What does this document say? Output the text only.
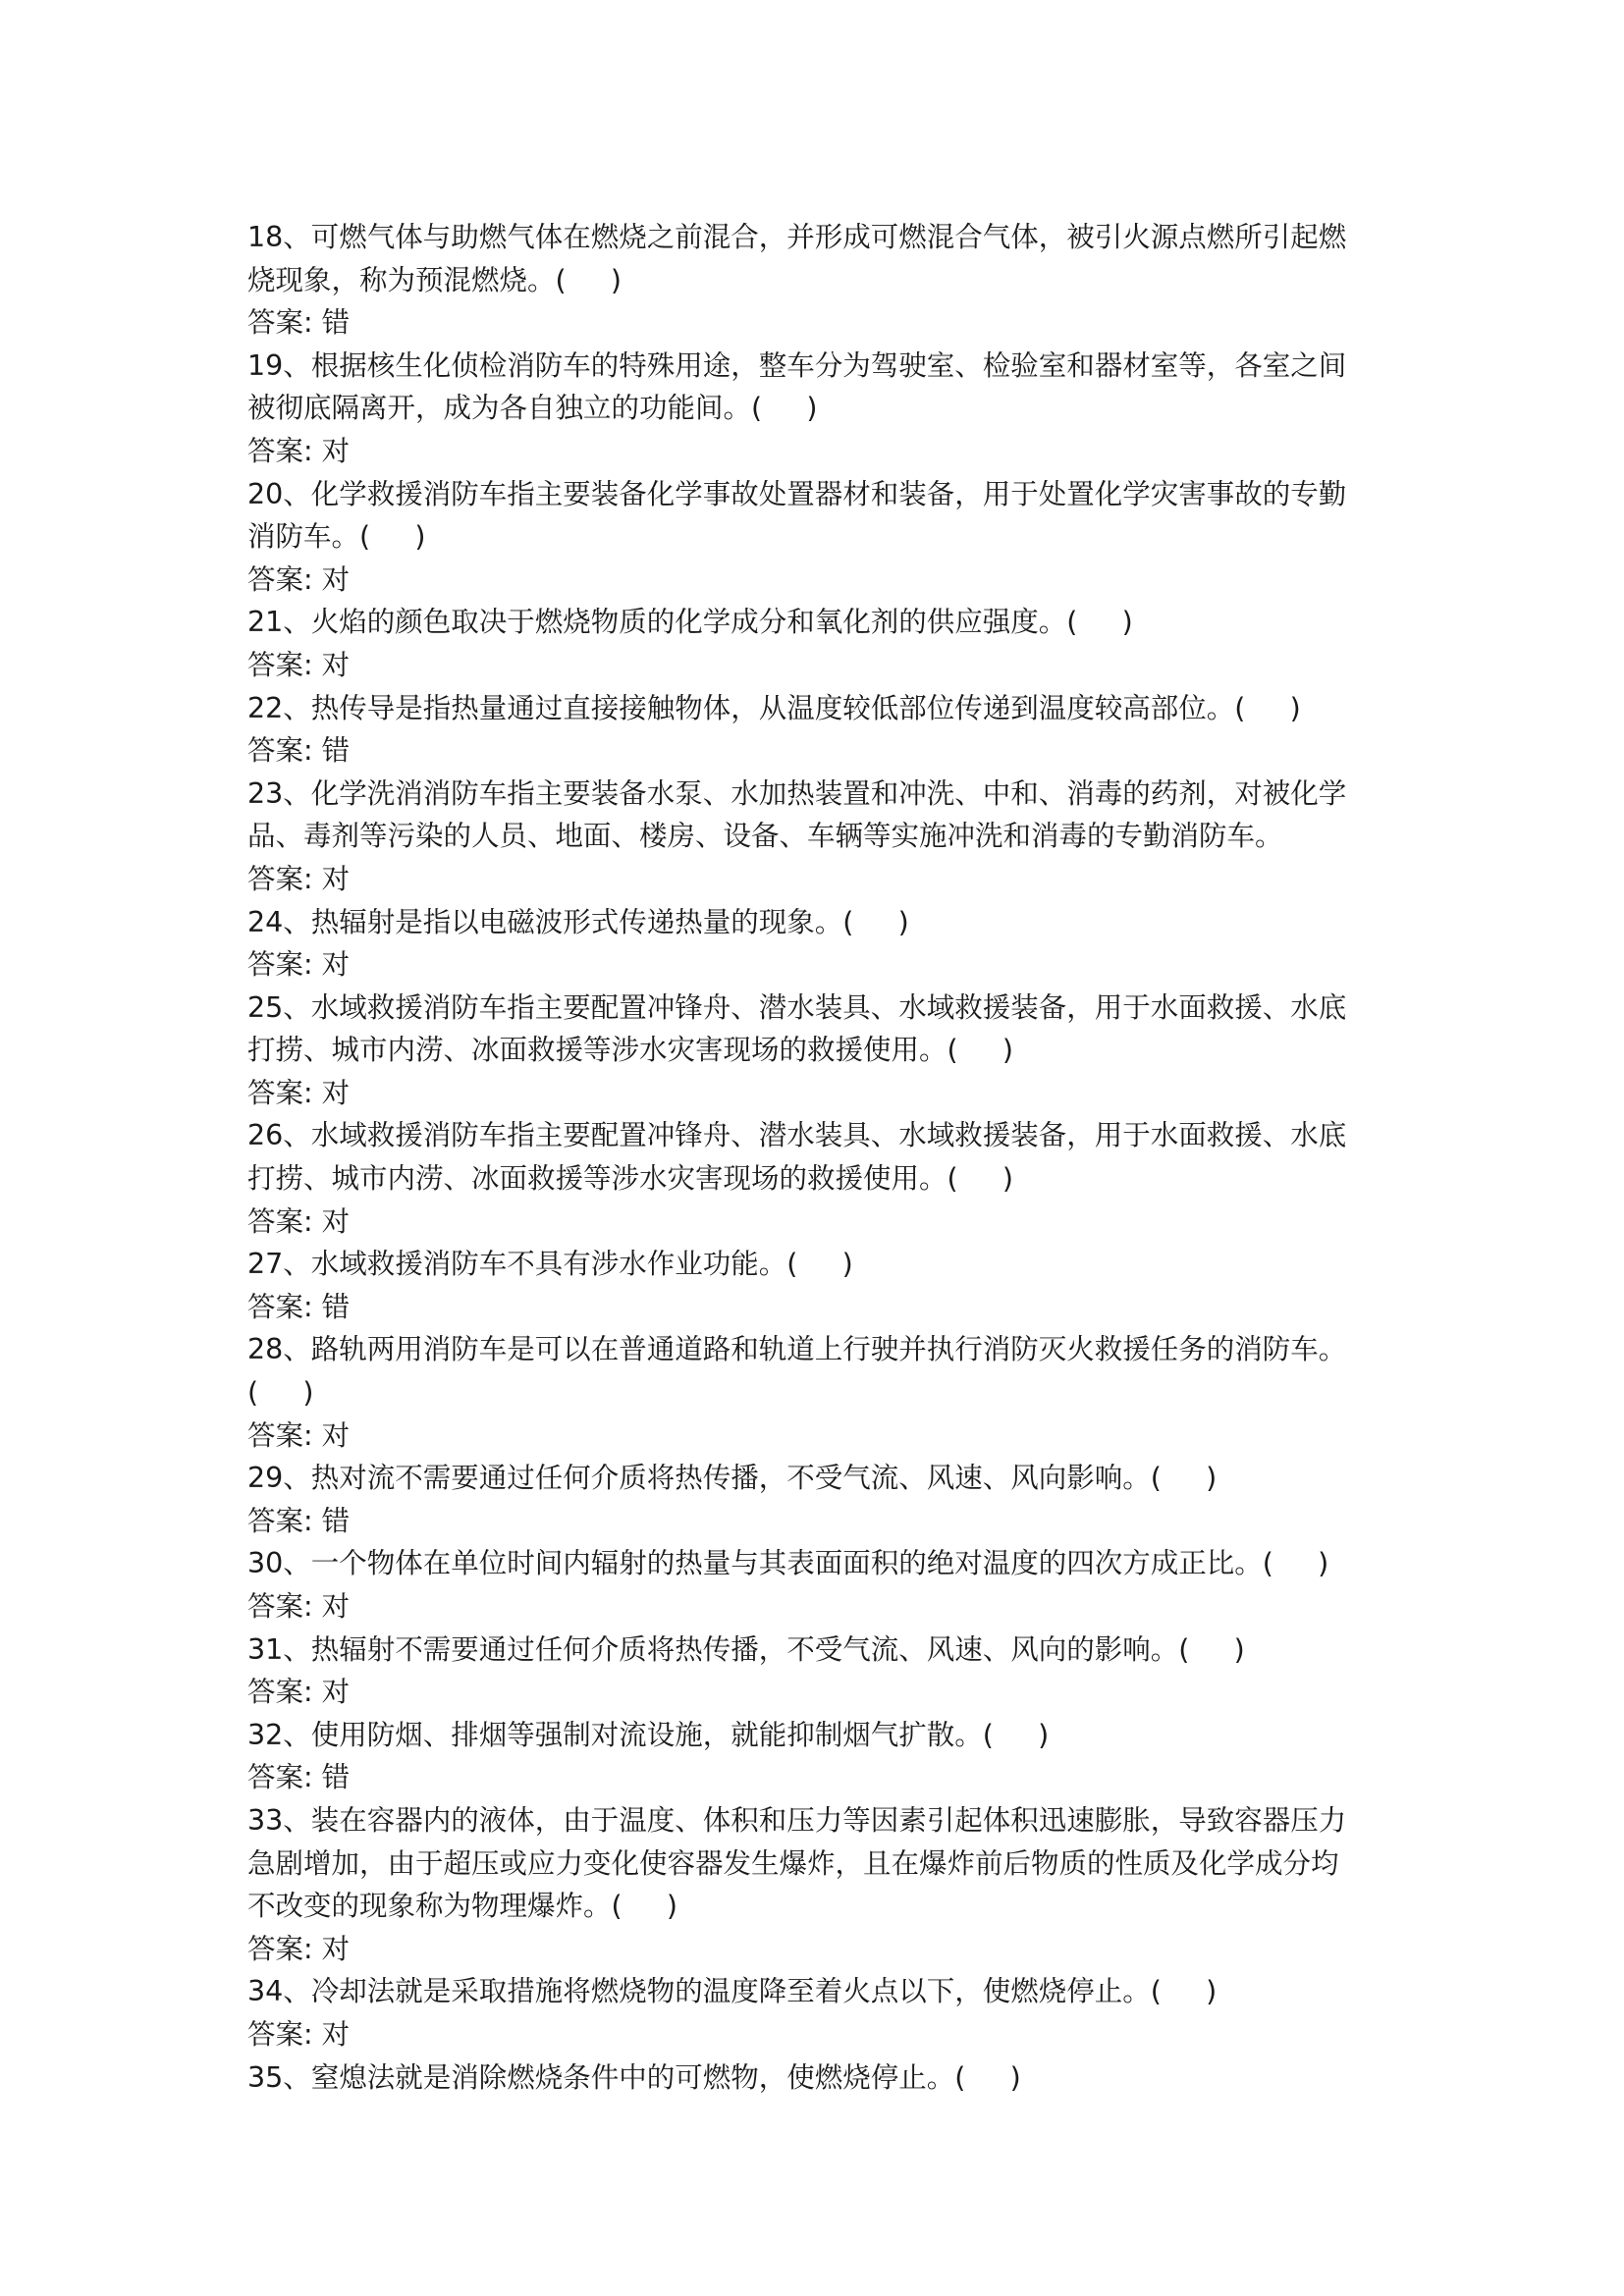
18、可燃气体与助燃气体在燃烧之前混合，并形成可燃混合气体，被引火源点燃所引起燃
烧现象，称为预混燃烧。(     )
答案: 错
19、根据核生化侦检消防车的特殊用途，整车分为驾驶室、检验室和器材室等，各室之间
被彻底隔离开，成为各自独立的功能间。(     )
答案: 对
20、化学救援消防车指主要装备化学事故处置器材和装备，用于处置化学灾害事故的专勤
消防车。(     )
答案: 对
21、火焰的颜色取决于燃烧物质的化学成分和氧化剂的供应强度。(     )
答案: 对
22、热传导是指热量通过直接接触物体，从温度较低部位传递到温度较高部位。(     )
答案: 错
23、化学洗消消防车指主要装备水泵、水加热装置和冲洗、中和、消毒的药剂，对被化学
品、毒剂等污染的人员、地面、楼房、设备、车辆等实施冲洗和消毒的专勤消防车。
答案: 对
24、热辐射是指以电磁波形式传递热量的现象。(     )
答案: 对
25、水域救援消防车指主要配置冲锋舟、潜水装具、水域救援装备，用于水面救援、水底
打捞、城市内涝、冰面救援等涉水灾害现场的救援使用。(     )
答案: 对
26、水域救援消防车指主要配置冲锋舟、潜水装具、水域救援装备，用于水面救援、水底
打捞、城市内涝、冰面救援等涉水灾害现场的救援使用。(     )
答案: 对
27、水域救援消防车不具有涉水作业功能。(     )
答案: 错
28、路轨两用消防车是可以在普通道路和轨道上行驶并执行消防灭火救援任务的消防车。
(     )
答案: 对
29、热对流不需要通过任何介质将热传播，不受气流、风速、风向影响。(     )
答案: 错
30、一个物体在单位时间内辐射的热量与其表面面积的绝对温度的四次方成正比。(     )
答案: 对
31、热辐射不需要通过任何介质将热传播，不受气流、风速、风向的影响。(     )
答案: 对
32、使用防烟、排烟等强制对流设施，就能抑制烟气扩散。(     )
答案: 错
33、装在容器内的液体，由于温度、体积和压力等因素引起体积迅速膨胀，导致容器压力
急剧增加，由于超压或应力变化使容器发生爆炸，且在爆炸前后物质的性质及化学成分均
不改变的现象称为物理爆炸。(     )
答案: 对
34、冷却法就是采取措施将燃烧物的温度降至着火点以下，使燃烧停止。(     )
答案: 对
35、窒熄法就是消除燃烧条件中的可燃物，使燃烧停止。(     )
